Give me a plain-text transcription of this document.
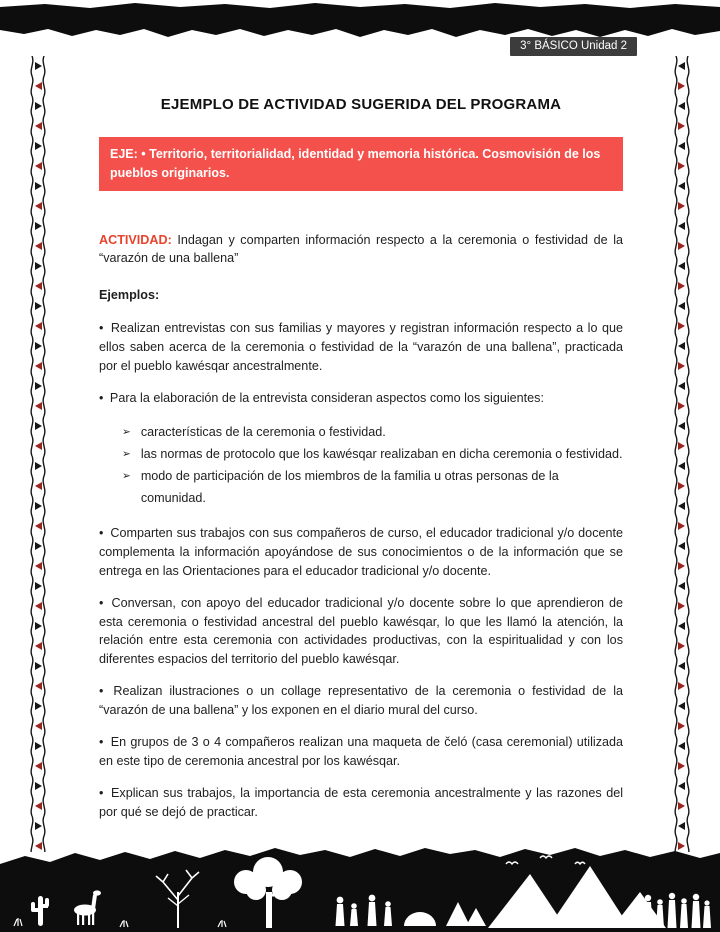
3° BÁSICO Unidad 2
EJEMPLO DE ACTIVIDAD SUGERIDA DEL PROGRAMA
EJE: • Territorio, territorialidad, identidad y memoria histórica. Cosmovisión de los pueblos originarios.

ACTIVIDAD: Indagan y comparten información respecto a la ceremonia o festividad de la “varazón de una ballena”

Ejemplos:

• Realizan entrevistas con sus familias y mayores y registran información respecto a lo que ellos saben acerca de la ceremonia o festividad de la “varazón de una ballena”, practicada por el pueblo kawésqar ancestralmente.

• Para la elaboración de la entrevista consideran aspectos como los siguientes:

➢ características de la ceremonia o festividad.
➢ las normas de protocolo que los kawésqar realizaban en dicha ceremonia o festividad.
➢ modo de participación de los miembros de la familia u otras personas de la comunidad.

• Comparten sus trabajos con sus compañeros de curso, el educador tradicional y/o docente complementa la información apoyándose de sus conocimientos o de la información que se entrega en las Orientaciones para el educador tradicional y/o docente.

• Conversan, con apoyo del educador tradicional y/o docente sobre lo que aprendieron de esta ceremonia o festividad ancestral del pueblo kawésqar, lo que les llamó la atención, la relación entre esta ceremonia con actividades productivas, con la espiritualidad y con los diferentes espacios del territorio del pueblo kawésqar.

• Realizan ilustraciones o un collage representativo de la ceremonia o festividad de la “varazón de una ballena” y los exponen en el diario mural del curso.

• En grupos de 3 o 4 compañeros realizan una maqueta de čeló (casa ceremonial) utilizada en este tipo de ceremonia ancestral por los kawésqar.

• Explican sus trabajos, la importancia de esta ceremonia ancestralmente y las razones del por qué se dejó de practicar.
